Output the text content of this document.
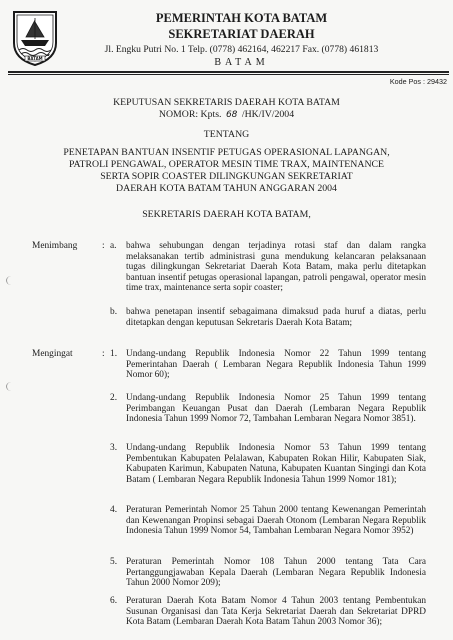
BATAM
PEMERINTAH KOTA BATAM
SEKRETARIAT DAERAH
Jl. Engku Putri No. 1 Telp. (0778) 462164, 462217 Fax. (0778) 461813
BATAM
Kode Pos : 29432
KEPUTUSAN SEKRETARIS DAERAH KOTA BATAM
NOMOR: Kpts. 68 /HK/IV/2004
TENTANG
PENETAPAN BANTUAN INSENTIF PETUGAS OPERASIONAL LAPANGAN,
PATROLI PENGAWAL, OPERATOR MESIN TIME TRAX, MAINTENANCE
SERTA SOPIR COASTER DILINGKUNGAN SEKRETARIAT
DAERAH KOTA BATAM TAHUN ANGGARAN 2004
SEKRETARIS DAERAH KOTA BATAM,
Menimbang	: a. bahwa sehubungan dengan terjadinya rotasi staf dan dalam rangka melaksanakan tertib administrasi guna mendukung kelancaran pelaksanaan tugas dilingkungan Sekretariat Daerah Kota Batam, maka perlu ditetapkan bantuan insentif petugas operasional lapangan, patroli pengawal, operator mesin time trax, maintenance serta sopir coaster;
b. bahwa penetapan insentif sebagaimana dimaksud pada huruf a diatas, perlu ditetapkan dengan keputusan Sekretaris Daerah Kota Batam;
Mengingat	: 1. Undang-undang Republik Indonesia Nomor 22 Tahun 1999 tentang Pemerintahan Daerah ( Lembaran Negara Republik Indonesia Tahun 1999 Nomor 60);
2. Undang-undang Republik Indonesia Nomor 25 Tahun 1999 tentang Perimbangan Keuangan Pusat dan Daerah (Lembaran Negara Republik Indonesia Tahun 1999 Nomor 72, Tambahan Lembaran Negara Nomor 3851).
3. Undang-undang Republik Indonesia Nomor 53 Tahun 1999 tentang Pembentukan Kabupaten Pelalawan, Kabupaten Rokan Hilir, Kabupaten Siak, Kabupaten Karimun, Kabupaten Natuna, Kabupaten Kuantan Singingi dan Kota Batam ( Lembaran Negara Republik Indonesia Tahun 1999 Nomor 181);
4. Peraturan Pemerintah Nomor 25 Tahun 2000 tentang Kewenangan Pemerintah dan Kewenangan Propinsi sebagai Daerah Otonom (Lembaran Negara Republik Indonesia Tahun 1999 Nomor 54, Tambahan Lembaran Negara Nomor 3952)
5. Peraturan Pemerintah Nomor 108 Tahun 2000 tentang Tata Cara Pertanggungjawaban Kepala Daerah (Lembaran Negara Republik Indonesia Tahun 2000 Nomor 209);
6. Peraturan Daerah Kota Batam Nomor 4 Tahun 2003 tentang Pembentukan Susunan Organisasi dan Tata Kerja Sekretariat Daerah dan Sekretariat DPRD Kota Batam (Lembaran Daerah Kota Batam Tahun 2003 Nomor 36);
